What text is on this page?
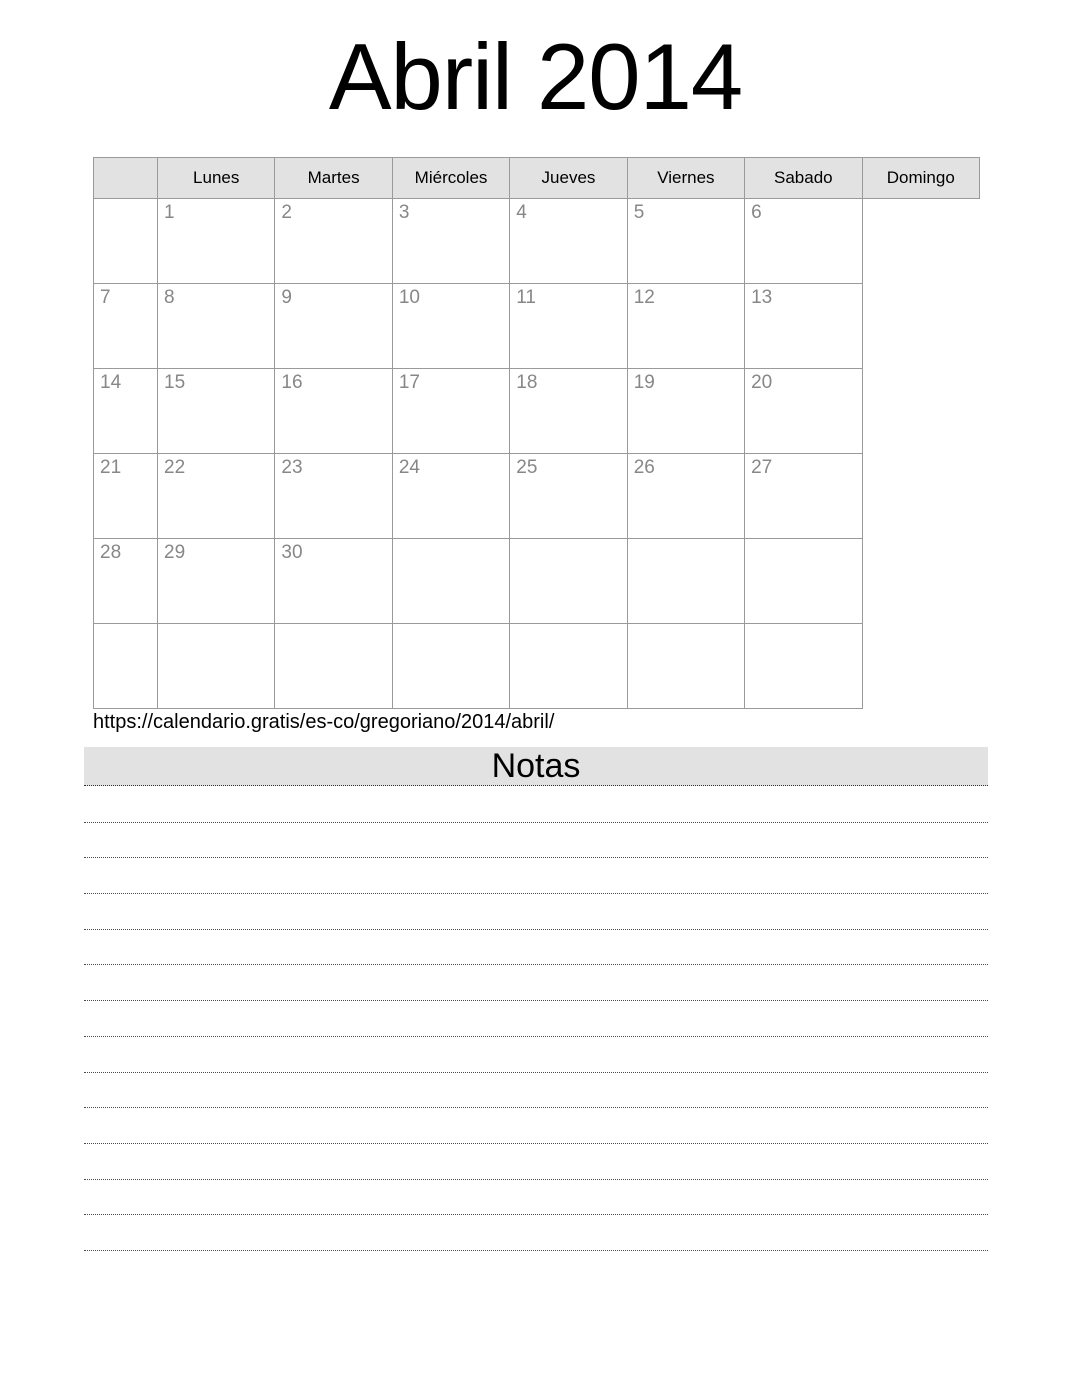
Abril 2014
	Lunes	Martes	Miércoles	Jueves	Viernes	Sabado	Domingo
	1	2	3	4	5	6	
7	8	9	10	11	12	13	
14	15	16	17	18	19	20	
21	22	23	24	25	26	27	
28	29	30					

https://calendario.gratis/es-co/gregoriano/2014/abril/
Notas
